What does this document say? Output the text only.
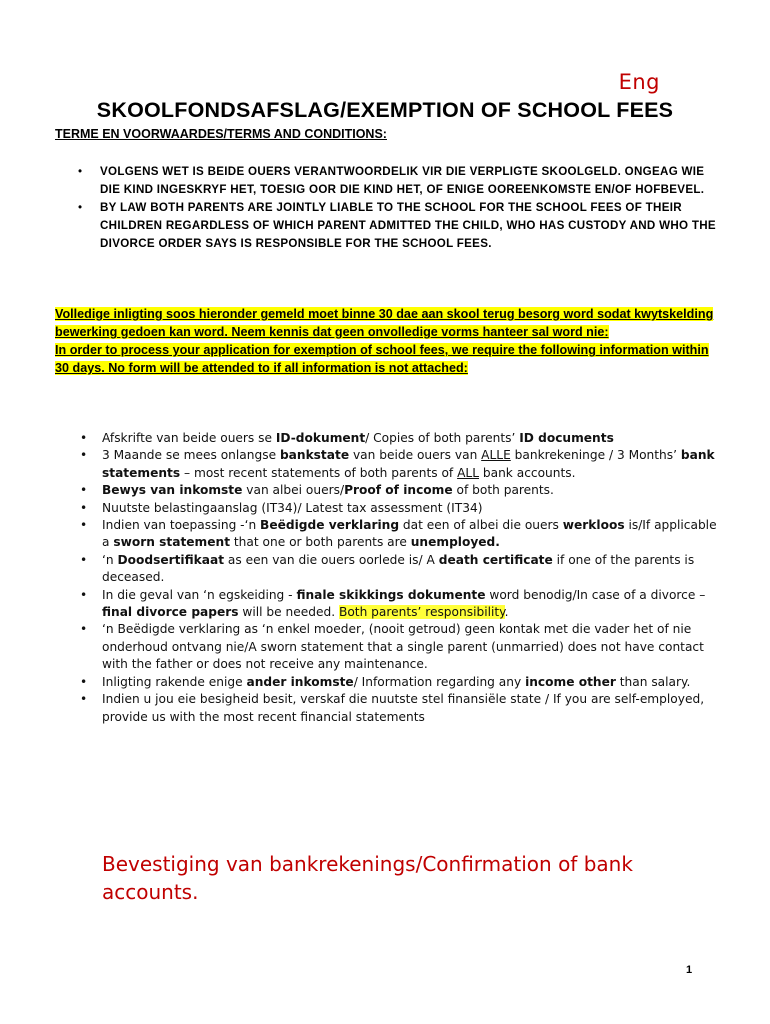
Eng
SKOOLFONDSAFSLAG/EXEMPTION OF SCHOOL FEES
TERME EN VOORWAARDES/TERMS AND CONDITIONS:
• VOLGENS WET IS BEIDE OUERS VERANTWOORDELIK VIR DIE VERPLIGTE SKOOLGELD. ONGEAG WIE DIE KIND INGESKRYF HET, TOESIG OOR DIE KIND HET, OF ENIGE OOREENKOMSTE EN/OF HOFBEVEL.
• BY LAW BOTH PARENTS ARE JOINTLY LIABLE TO THE SCHOOL FOR THE SCHOOL FEES OF THEIR CHILDREN REGARDLESS OF WHICH PARENT ADMITTED THE CHILD, WHO HAS CUSTODY AND WHO THE DIVORCE ORDER SAYS IS RESPONSIBLE FOR THE SCHOOL FEES.
Volledige inligting soos hieronder gemeld moet binne 30 dae aan skool terug besorg word sodat kwytskelding bewerking gedoen kan word. Neem kennis dat geen onvolledige vorms hanteer sal word nie:
In order to process your application for exemption of school fees, we require the following information within 30 days. No form will be attended to if all information is not attached:
• Afskrifte van beide ouers se ID-dokument/ Copies of both parents’ ID documents
• 3 Maande se mees onlangse bankstate van beide ouers van ALLE bankrekeninge / 3 Months’ bank statements – most recent statements of both parents of ALL bank accounts.
• Bewys van inkomste van albei ouers/Proof of income of both parents.
• Nuutste belastingaanslag (IT34)/ Latest tax assessment (IT34)
• Indien van toepassing -‘n Beëdigde verklaring dat een of albei die ouers werkloos is/If applicable a sworn statement that one or both parents are unemployed.
• ‘n Doodsertifikaat as een van die ouers oorlede is/ A death certificate if one of the parents is deceased.
• In die geval van ‘n egskeiding - finale skikkings dokumente word benodig/In case of a divorce – final divorce papers will be needed. Both parents’ responsibility.
• ‘n Beëdigde verklaring as ‘n enkel moeder, (nooit getroud) geen kontak met die vader het of nie onderhoud ontvang nie/A sworn statement that a single parent (unmarried) does not have contact with the father or does not receive any maintenance.
• Inligting rakende enige ander inkomste/ Information regarding any income other than salary.
• Indien u jou eie besigheid besit, verskaf die nuutste stel finansiële state / If you are self-employed, provide us with the most recent financial statements
Bevestiging van bankrekenings/Confirmation of bank accounts.
1
